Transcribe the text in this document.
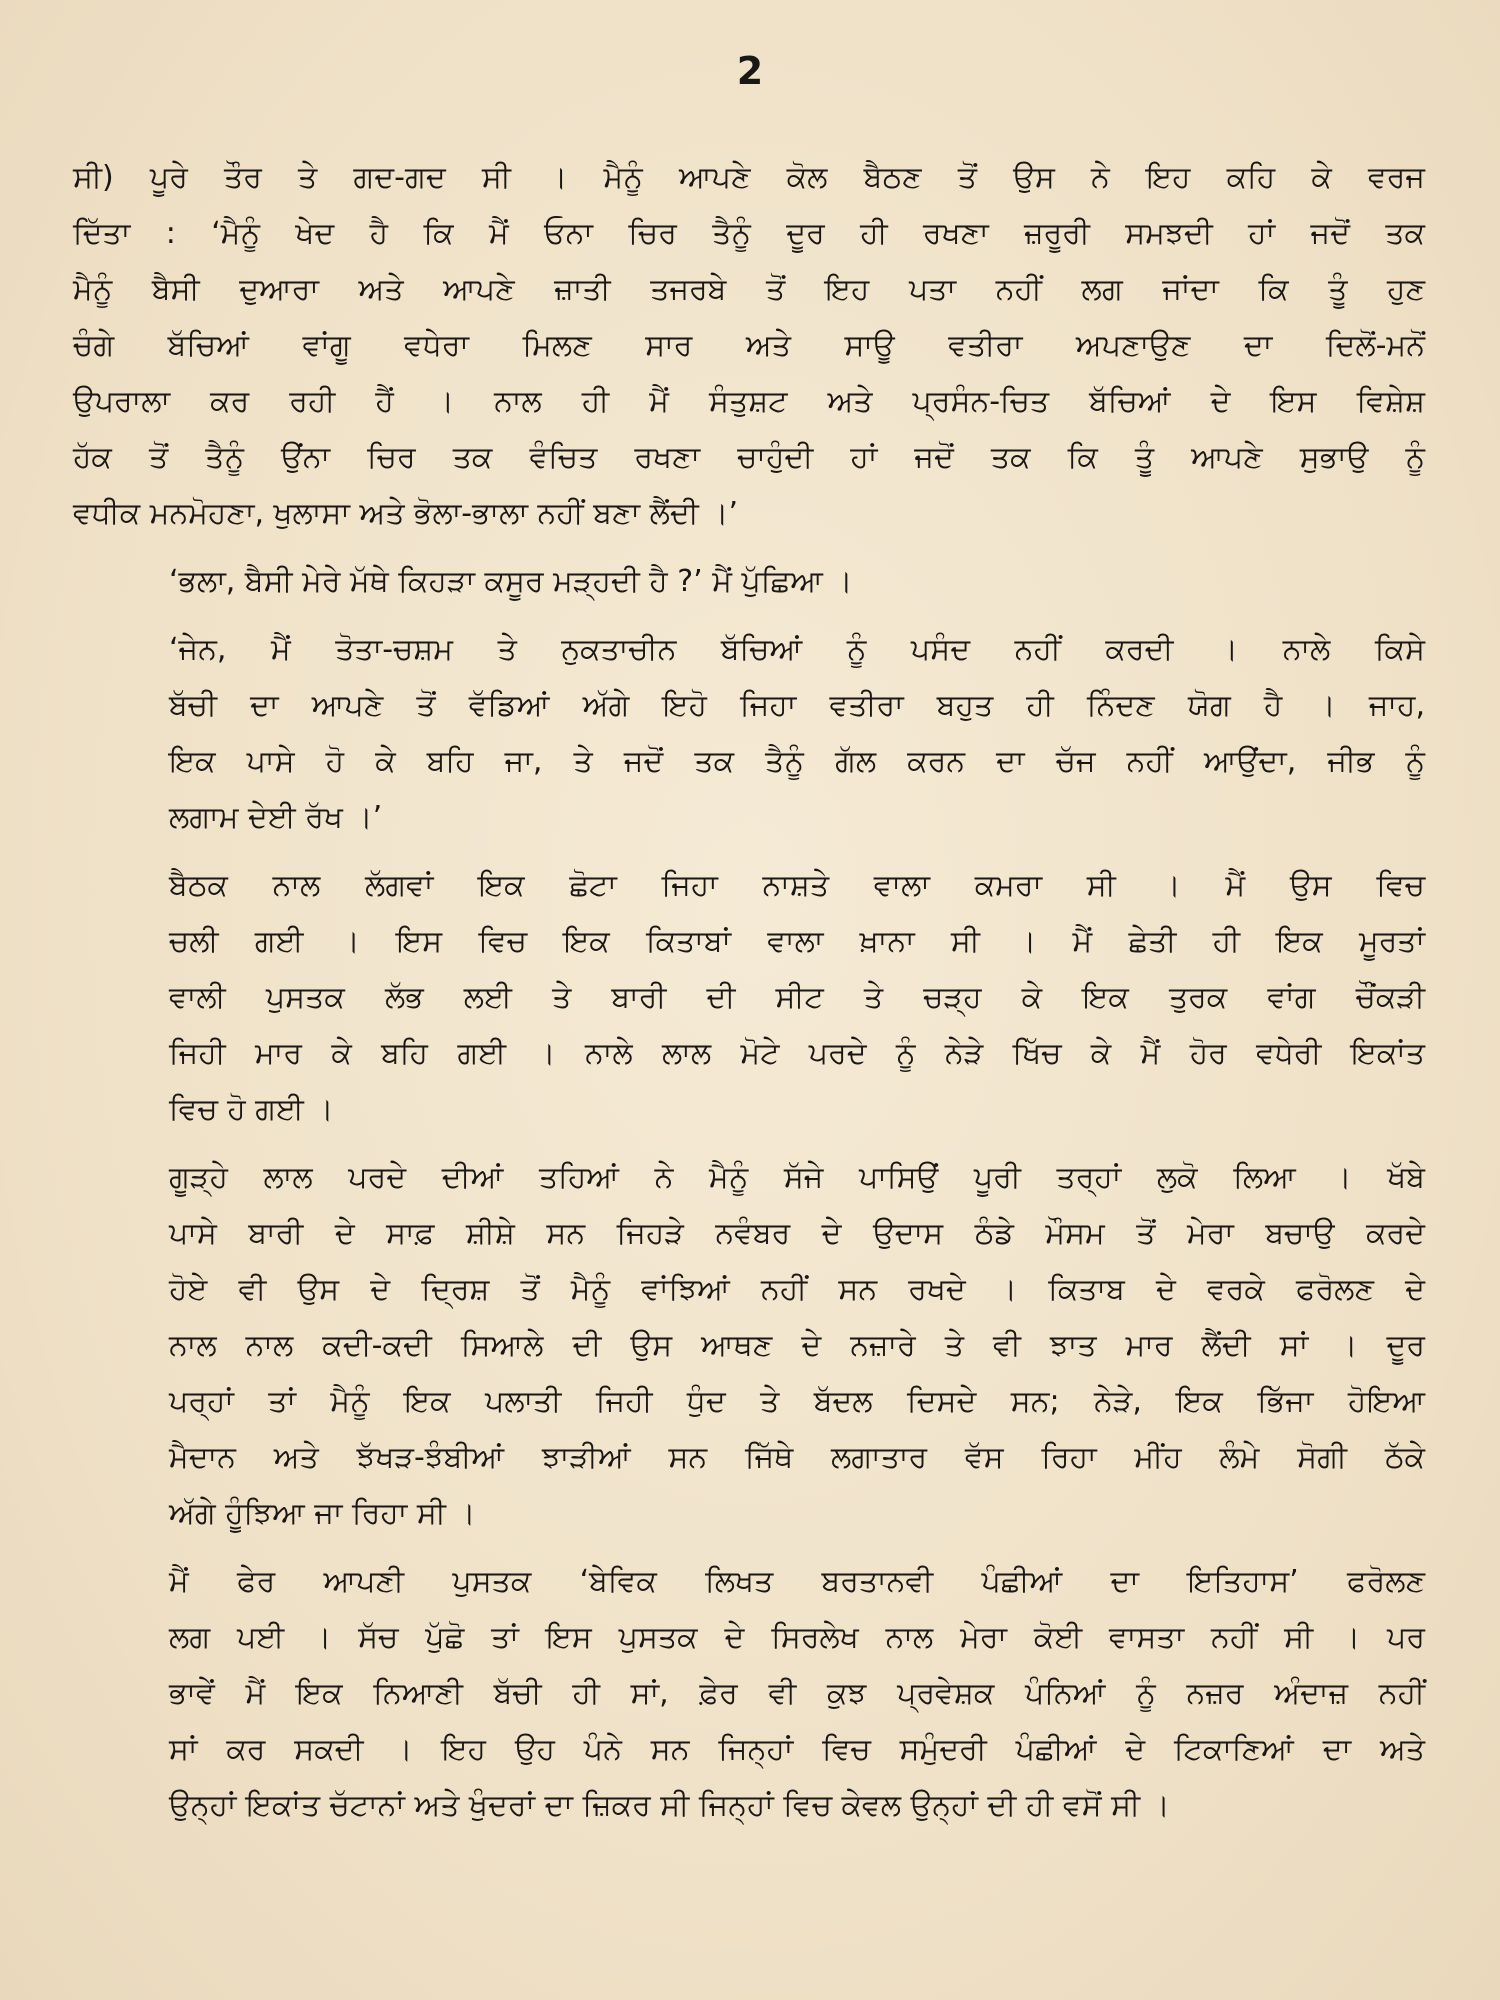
2
ਸੀ) ਪੂਰੇ ਤੌਰ ਤੇ ਗਦ-ਗਦ ਸੀ । ਮੈਨੂੰ ਆਪਣੇ ਕੋਲ ਬੈਠਣ ਤੋਂ ਉਸ ਨੇ ਇਹ ਕਹਿ ਕੇ ਵਰਜ
ਦਿੱਤਾ : ‘ਮੈਨੂੰ ਖੇਦ ਹੈ ਕਿ ਮੈਂ ਓਨਾ ਚਿਰ ਤੈਨੂੰ ਦੂਰ ਹੀ ਰਖਣਾ ਜ਼ਰੂਰੀ ਸਮਝਦੀ ਹਾਂ ਜਦੋਂ ਤਕ
ਮੈਨੂੰ ਬੈਸੀ ਦੁਆਰਾ ਅਤੇ ਆਪਣੇ ਜ਼ਾਤੀ ਤਜਰਬੇ ਤੋਂ ਇਹ ਪਤਾ ਨਹੀਂ ਲਗ ਜਾਂਦਾ ਕਿ ਤੂੰ ਹੁਣ
ਚੰਗੇ ਬੱਚਿਆਂ ਵਾਂਗੂ ਵਧੇਰਾ ਮਿਲਣ ਸਾਰ ਅਤੇ ਸਾਊ ਵਤੀਰਾ ਅਪਣਾਉਣ ਦਾ ਦਿਲੋਂ-ਮਨੋਂ
ਉਪਰਾਲਾ ਕਰ ਰਹੀ ਹੈਂ । ਨਾਲ ਹੀ ਮੈਂ ਸੰਤੁਸ਼ਟ ਅਤੇ ਪ੍ਰਸੰਨ-ਚਿਤ ਬੱਚਿਆਂ ਦੇ ਇਸ ਵਿਸ਼ੇਸ਼
ਹੱਕ ਤੋਂ ਤੈਨੂੰ ਉਂਨਾ ਚਿਰ ਤਕ ਵੰਚਿਤ ਰਖਣਾ ਚਾਹੁੰਦੀ ਹਾਂ ਜਦੋਂ ਤਕ ਕਿ ਤੂੰ ਆਪਣੇ ਸੁਭਾਉ ਨੂੰ
ਵਧੀਕ ਮਨਮੋਹਣਾ, ਖੁਲਾਸਾ ਅਤੇ ਭੋਲਾ-ਭਾਲਾ ਨਹੀਂ ਬਣਾ ਲੈਂਦੀ ।’
‘ਭਲਾ, ਬੈਸੀ ਮੇਰੇ ਮੱਥੇ ਕਿਹੜਾ ਕਸੂਰ ਮੜ੍ਹਦੀ ਹੈ ?’ ਮੈਂ ਪੁੱਛਿਆ ।
‘ਜੇਨ, ਮੈਂ ਤੋਤਾ-ਚਸ਼ਮ ਤੇ ਨੁਕਤਾਚੀਨ ਬੱਚਿਆਂ ਨੂੰ ਪਸੰਦ ਨਹੀਂ ਕਰਦੀ । ਨਾਲੇ ਕਿਸੇ
ਬੱਚੀ ਦਾ ਆਪਣੇ ਤੋਂ ਵੱਡਿਆਂ ਅੱਗੇ ਇਹੋ ਜਿਹਾ ਵਤੀਰਾ ਬਹੁਤ ਹੀ ਨਿੰਦਣ ਯੋਗ ਹੈ । ਜਾਹ,
ਇਕ ਪਾਸੇ ਹੋ ਕੇ ਬਹਿ ਜਾ, ਤੇ ਜਦੋਂ ਤਕ ਤੈਨੂੰ ਗੱਲ ਕਰਨ ਦਾ ਚੱਜ ਨਹੀਂ ਆਉਂਦਾ, ਜੀਭ ਨੂੰ
ਲਗਾਮ ਦੇਈ ਰੱਖ ।’
ਬੈਠਕ ਨਾਲ ਲੱਗਵਾਂ ਇਕ ਛੋਟਾ ਜਿਹਾ ਨਾਸ਼ਤੇ ਵਾਲਾ ਕਮਰਾ ਸੀ । ਮੈਂ ਉਸ ਵਿਚ
ਚਲੀ ਗਈ । ਇਸ ਵਿਚ ਇਕ ਕਿਤਾਬਾਂ ਵਾਲਾ ਖ਼ਾਨਾ ਸੀ । ਮੈਂ ਛੇਤੀ ਹੀ ਇਕ ਮੂਰਤਾਂ
ਵਾਲੀ ਪੁਸਤਕ ਲੱਭ ਲਈ ਤੇ ਬਾਰੀ ਦੀ ਸੀਟ ਤੇ ਚੜ੍ਹ ਕੇ ਇਕ ਤੁਰਕ ਵਾਂਗ ਚੌਂਕੜੀ
ਜਿਹੀ ਮਾਰ ਕੇ ਬਹਿ ਗਈ । ਨਾਲੇ ਲਾਲ ਮੋਟੇ ਪਰਦੇ ਨੂੰ ਨੇੜੇ ਖਿੱਚ ਕੇ ਮੈਂ ਹੋਰ ਵਧੇਰੀ ਇਕਾਂਤ
ਵਿਚ ਹੋ ਗਈ ।
ਗੂੜ੍ਹੇ ਲਾਲ ਪਰਦੇ ਦੀਆਂ ਤਹਿਆਂ ਨੇ ਮੈਨੂੰ ਸੱਜੇ ਪਾਸਿਉਂ ਪੂਰੀ ਤਰ੍ਹਾਂ ਲੁਕੋ ਲਿਆ । ਖੱਬੇ
ਪਾਸੇ ਬਾਰੀ ਦੇ ਸਾਫ਼ ਸ਼ੀਸ਼ੇ ਸਨ ਜਿਹੜੇ ਨਵੰਬਰ ਦੇ ਉਦਾਸ ਠੰਡੇ ਮੌਸਮ ਤੋਂ ਮੇਰਾ ਬਚਾਉ ਕਰਦੇ
ਹੋਏ ਵੀ ਉਸ ਦੇ ਦ੍ਰਿਸ਼ ਤੋਂ ਮੈਨੂੰ ਵਾਂਝਿਆਂ ਨਹੀਂ ਸਨ ਰਖਦੇ । ਕਿਤਾਬ ਦੇ ਵਰਕੇ ਫਰੋਲਣ ਦੇ
ਨਾਲ ਨਾਲ ਕਦੀ-ਕਦੀ ਸਿਆਲੇ ਦੀ ਉਸ ਆਥਣ ਦੇ ਨਜ਼ਾਰੇ ਤੇ ਵੀ ਝਾਤ ਮਾਰ ਲੈਂਦੀ ਸਾਂ । ਦੂਰ
ਪਰ੍ਹਾਂ ਤਾਂ ਮੈਨੂੰ ਇਕ ਪਲਾਤੀ ਜਿਹੀ ਧੁੰਦ ਤੇ ਬੱਦਲ ਦਿਸਦੇ ਸਨ; ਨੇੜੇ, ਇਕ ਭਿੱਜਾ ਹੋਇਆ
ਮੈਦਾਨ ਅਤੇ ਝੱਖੜ-ਝੰਬੀਆਂ ਝਾੜੀਆਂ ਸਨ ਜਿੱਥੇ ਲਗਾਤਾਰ ਵੱਸ ਰਿਹਾ ਮੀਂਹ ਲੰਮੇ ਸੋਗੀ ਠੱਕੇ
ਅੱਗੇ ਹੂੰਝਿਆ ਜਾ ਰਿਹਾ ਸੀ ।
ਮੈਂ ਫੇਰ ਆਪਣੀ ਪੁਸਤਕ ‘ਬੇਵਿਕ ਲਿਖਤ ਬਰਤਾਨਵੀ ਪੰਛੀਆਂ ਦਾ ਇਤਿਹਾਸ’ ਫਰੋਲਣ
ਲਗ ਪਈ । ਸੱਚ ਪੁੱਛੋ ਤਾਂ ਇਸ ਪੁਸਤਕ ਦੇ ਸਿਰਲੇਖ ਨਾਲ ਮੇਰਾ ਕੋਈ ਵਾਸਤਾ ਨਹੀਂ ਸੀ । ਪਰ
ਭਾਵੇਂ ਮੈਂ ਇਕ ਨਿਆਣੀ ਬੱਚੀ ਹੀ ਸਾਂ, ਫ਼ੇਰ ਵੀ ਕੁਝ ਪ੍ਰਵੇਸ਼ਕ ਪੰਨਿਆਂ ਨੂੰ ਨਜ਼ਰ ਅੰਦਾਜ਼ ਨਹੀਂ
ਸਾਂ ਕਰ ਸਕਦੀ । ਇਹ ਉਹ ਪੰਨੇ ਸਨ ਜਿਨ੍ਹਾਂ ਵਿਚ ਸਮੁੰਦਰੀ ਪੰਛੀਆਂ ਦੇ ਟਿਕਾਣਿਆਂ ਦਾ ਅਤੇ
ਉਨ੍ਹਾਂ ਇਕਾਂਤ ਚੱਟਾਨਾਂ ਅਤੇ ਖੁੰਦਰਾਂ ਦਾ ਜ਼ਿਕਰ ਸੀ ਜਿਨ੍ਹਾਂ ਵਿਚ ਕੇਵਲ ਉਨ੍ਹਾਂ ਦੀ ਹੀ ਵਸੋਂ ਸੀ ।
